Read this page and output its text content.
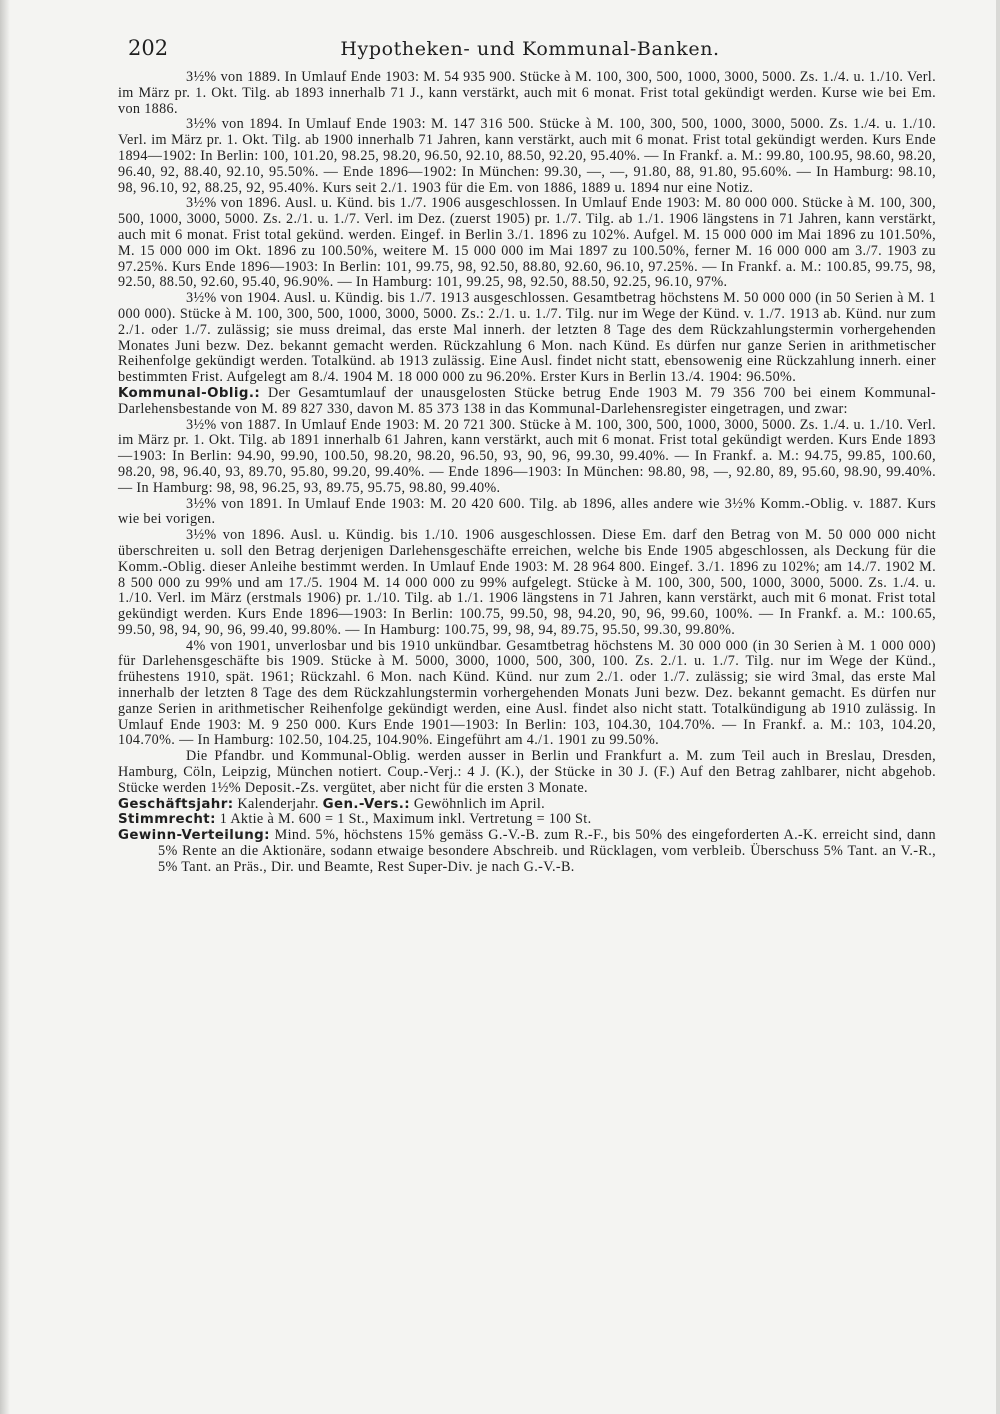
202	Hypotheken- und Kommunal-Banken.

3½% von 1889. In Umlauf Ende 1903: M. 54 935 900. Stücke à M. 100, 300, 500, 1000, 3000, 5000. Zs. 1./4. u. 1./10. Verl. im März pr. 1. Okt. Tilg. ab 1893 innerhalb 71 J., kann verstärkt, auch mit 6 monat. Frist total gekündigt werden. Kurse wie bei Em. von 1886.

3½% von 1894. In Umlauf Ende 1903: M. 147 316 500. Stücke à M. 100, 300, 500, 1000, 3000, 5000. Zs. 1./4. u. 1./10. Verl. im März pr. 1. Okt. Tilg. ab 1900 innerhalb 71 Jahren, kann verstärkt, auch mit 6 monat. Frist total gekündigt werden. Kurs Ende 1894—1902: In Berlin: 100, 101.20, 98.25, 98.20, 96.50, 92.10, 88.50, 92.20, 95.40%. — In Frankf. a. M.: 99.80, 100.95, 98.60, 98.20, 96.40, 92, 88.40, 92.10, 95.50%. — Ende 1896—1902: In München: 99.30, —, —, 91.80, 88, 91.80, 95.60%. — In Hamburg: 98.10, 98, 96.10, 92, 88.25, 92, 95.40%. Kurs seit 2./1. 1903 für die Em. von 1886, 1889 u. 1894 nur eine Notiz.

3½% von 1896. Ausl. u. Künd. bis 1./7. 1906 ausgeschlossen. In Umlauf Ende 1903: M. 80 000 000. Stücke à M. 100, 300, 500, 1000, 3000, 5000. Zs. 2./1. u. 1./7. Verl. im Dez. (zuerst 1905) pr. 1./7. Tilg. ab 1./1. 1906 längstens in 71 Jahren, kann verstärkt, auch mit 6 monat. Frist total gekünd. werden. Eingef. in Berlin 3./1. 1896 zu 102%. Aufgel. M. 15 000 000 im Mai 1896 zu 101.50%, M. 15 000 000 im Okt. 1896 zu 100.50%, weitere M. 15 000 000 im Mai 1897 zu 100.50%, ferner M. 16 000 000 am 3./7. 1903 zu 97.25%. Kurs Ende 1896—1903: In Berlin: 101, 99.75, 98, 92.50, 88.80, 92.60, 96.10, 97.25%. — In Frankf. a. M.: 100.85, 99.75, 98, 92.50, 88.50, 92.60, 95.40, 96.90%. — In Hamburg: 101, 99.25, 98, 92.50, 88.50, 92.25, 96.10, 97%.

3½% von 1904. Ausl. u. Kündig. bis 1./7. 1913 ausgeschlossen. Gesamtbetrag höchstens M. 50 000 000 (in 50 Serien à M. 1 000 000). Stücke à M. 100, 300, 500, 1000, 3000, 5000. Zs.: 2./1. u. 1./7. Tilg. nur im Wege der Künd. v. 1./7. 1913 ab. Künd. nur zum 2./1. oder 1./7. zulässig; sie muss dreimal, das erste Mal innerh. der letzten 8 Tage des dem Rückzahlungstermin vorhergehenden Monates Juni bezw. Dez. bekannt gemacht werden. Rückzahlung 6 Mon. nach Künd. Es dürfen nur ganze Serien in arithmetischer Reihenfolge gekündigt werden. Totalkünd. ab 1913 zulässig. Eine Ausl. findet nicht statt, ebensowenig eine Rückzahlung innerh. einer bestimmten Frist. Aufgelegt am 8./4. 1904 M. 18 000 000 zu 96.20%. Erster Kurs in Berlin 13./4. 1904: 96.50%.

Kommunal-Oblig.: Der Gesamtumlauf der unausgelosten Stücke betrug Ende 1903 M. 79 356 700 bei einem Kommunal-Darlehensbestande von M. 89 827 330, davon M. 85 373 138 in das Kommunal-Darlehensregister eingetragen, und zwar:

3½% von 1887. In Umlauf Ende 1903: M. 20 721 300. Stücke à M. 100, 300, 500, 1000, 3000, 5000. Zs. 1./4. u. 1./10. Verl. im März pr. 1. Okt. Tilg. ab 1891 innerhalb 61 Jahren, kann verstärkt, auch mit 6 monat. Frist total gekündigt werden. Kurs Ende 1893—1903: In Berlin: 94.90, 99.90, 100.50, 98.20, 98.20, 96.50, 93, 90, 96, 99.30, 99.40%. — In Frankf. a. M.: 94.75, 99.85, 100.60, 98.20, 98, 96.40, 93, 89.70, 95.80, 99.20, 99.40%. — Ende 1896—1903: In München: 98.80, 98, —, 92.80, 89, 95.60, 98.90, 99.40%. — In Hamburg: 98, 98, 96.25, 93, 89.75, 95.75, 98.80, 99.40%.

3½% von 1891. In Umlauf Ende 1903: M. 20 420 600. Tilg. ab 1896, alles andere wie 3½% Komm.-Oblig. v. 1887. Kurs wie bei vorigen.

3½% von 1896. Ausl. u. Kündig. bis 1./10. 1906 ausgeschlossen. Diese Em. darf den Betrag von M. 50 000 000 nicht überschreiten u. soll den Betrag derjenigen Darlehensgeschäfte erreichen, welche bis Ende 1905 abgeschlossen, als Deckung für die Komm.-Oblig. dieser Anleihe bestimmt werden. In Umlauf Ende 1903: M. 28 964 800. Eingef. 3./1. 1896 zu 102%; am 14./7. 1902 M. 8 500 000 zu 99% und am 17./5. 1904 M. 14 000 000 zu 99% aufgelegt. Stücke à M. 100, 300, 500, 1000, 3000, 5000. Zs. 1./4. u. 1./10. Verl. im März (erstmals 1906) pr. 1./10. Tilg. ab 1./1. 1906 längstens in 71 Jahren, kann verstärkt, auch mit 6 monat. Frist total gekündigt werden. Kurs Ende 1896—1903: In Berlin: 100.75, 99.50, 98, 94.20, 90, 96, 99.60, 100%. — In Frankf. a. M.: 100.65, 99.50, 98, 94, 90, 96, 99.40, 99.80%. — In Hamburg: 100.75, 99, 98, 94, 89.75, 95.50, 99.30, 99.80%.

4% von 1901, unverlosbar und bis 1910 unkündbar. Gesamtbetrag höchstens M. 30 000 000 (in 30 Serien à M. 1 000 000) für Darlehensgeschäfte bis 1909. Stücke à M. 5000, 3000, 1000, 500, 300, 100. Zs. 2./1. u. 1./7. Tilg. nur im Wege der Künd., frühestens 1910, spät. 1961; Rückzahl. 6 Mon. nach Künd. Künd. nur zum 2./1. oder 1./7. zulässig; sie wird 3mal, das erste Mal innerhalb der letzten 8 Tage des dem Rückzahlungstermin vorhergehenden Monats Juni bezw. Dez. bekannt gemacht. Es dürfen nur ganze Serien in arithmetischer Reihenfolge gekündigt werden, eine Ausl. findet also nicht statt. Totalkündigung ab 1910 zulässig. In Umlauf Ende 1903: M. 9 250 000. Kurs Ende 1901—1903: In Berlin: 103, 104.30, 104.70%. — In Frankf. a. M.: 103, 104.20, 104.70%. — In Hamburg: 102.50, 104.25, 104.90%. Eingeführt am 4./1. 1901 zu 99.50%.

Die Pfandbr. und Kommunal-Oblig. werden ausser in Berlin und Frankfurt a. M. zum Teil auch in Breslau, Dresden, Hamburg, Cöln, Leipzig, München notiert. Coup.-Verj.: 4 J. (K.), der Stücke in 30 J. (F.) Auf den Betrag zahlbarer, nicht abgehob. Stücke werden 1½% Deposit.-Zs. vergütet, aber nicht für die ersten 3 Monate.

Geschäftsjahr: Kalenderjahr. Gen.-Vers.: Gewöhnlich im April.

Stimmrecht: 1 Aktie à M. 600 = 1 St., Maximum inkl. Vertretung = 100 St.

Gewinn-Verteilung: Mind. 5%, höchstens 15% gemäss G.-V.-B. zum R.-F., bis 50% des eingeforderten A.-K. erreicht sind, dann 5% Rente an die Aktionäre, sodann etwaige besondere Abschreib. und Rücklagen, vom verbleib. Überschuss 5% Tant. an V.-R., 5% Tant. an Präs., Dir. und Beamte, Rest Super-Div. je nach G.-V.-B.
